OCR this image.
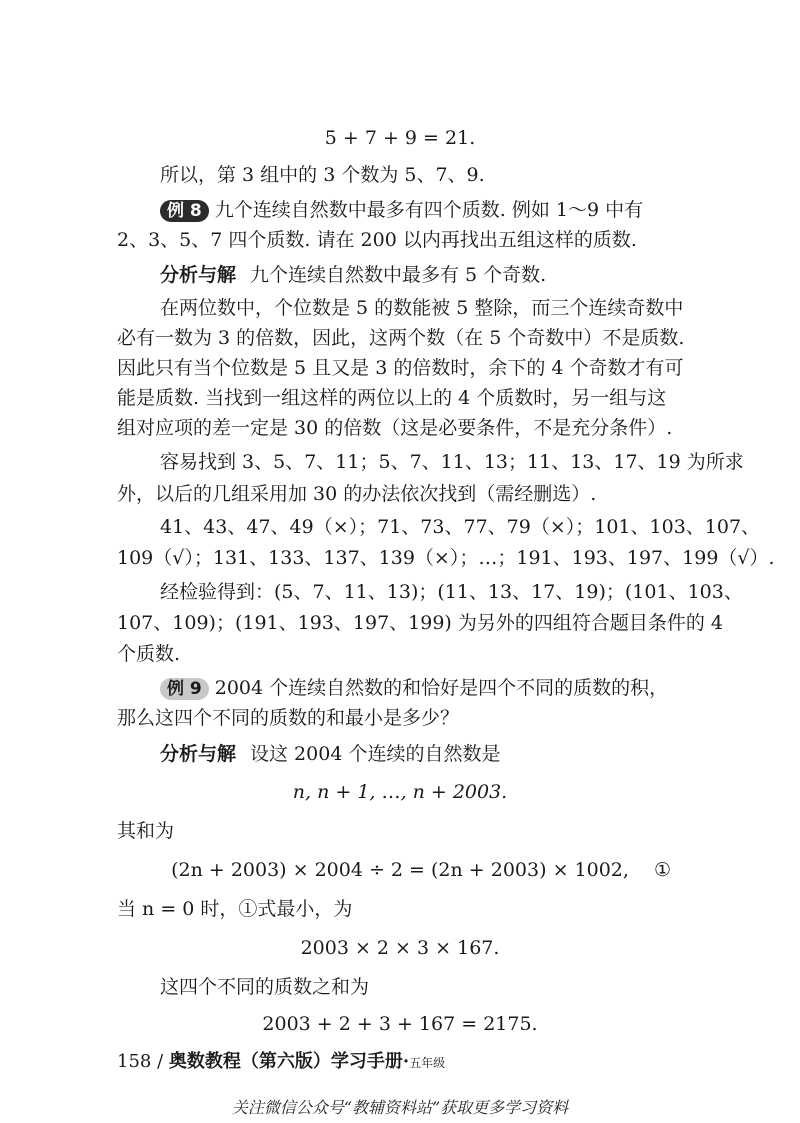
5 + 7 + 9 = 21.
所以，第 3 组中的 3 个数为 5、7、9.
例 8 九个连续自然数中最多有四个质数. 例如 1～9 中有
2、3、5、7 四个质数. 请在 200 以内再找出五组这样的质数.
分析与解 九个连续自然数中最多有 5 个奇数.
在两位数中，个位数是 5 的数能被 5 整除，而三个连续奇数中
必有一数为 3 的倍数，因此，这两个数（在 5 个奇数中）不是质数.
因此只有当个位数是 5 且又是 3 的倍数时，余下的 4 个奇数才有可
能是质数. 当找到一组这样的两位以上的 4 个质数时，另一组与这
组对应项的差一定是 30 的倍数（这是必要条件，不是充分条件）.
容易找到 3、5、7、11；5、7、11、13；11、13、17、19 为所求
外，以后的几组采用加 30 的办法依次找到（需经删选）.
41、43、47、49（×）；71、73、77、79（×）；101、103、107、
109（√）；131、133、137、139（×）；…；191、193、197、199（√）.
经检验得到：(5、7、11、13)；(11、13、17、19)；(101、103、
107、109)；(191、193、197、199) 为另外的四组符合题目条件的 4
个质数.
例 9 2004 个连续自然数的和恰好是四个不同的质数的积，
那么这四个不同的质数的和最小是多少？
分析与解 设这 2004 个连续的自然数是
n, n + 1, …, n + 2003.
其和为
(2n + 2003) × 2004 ÷ 2 = (2n + 2003) × 1002,	①
当 n = 0 时，①式最小，为
2003 × 2 × 3 × 167.
这四个不同的质数之和为
2003 + 2 + 3 + 167 = 2175.
158 / 奥数教程（第六版）学习手册·五年级
关注微信公众号“教辅资料站”获取更多学习资料
